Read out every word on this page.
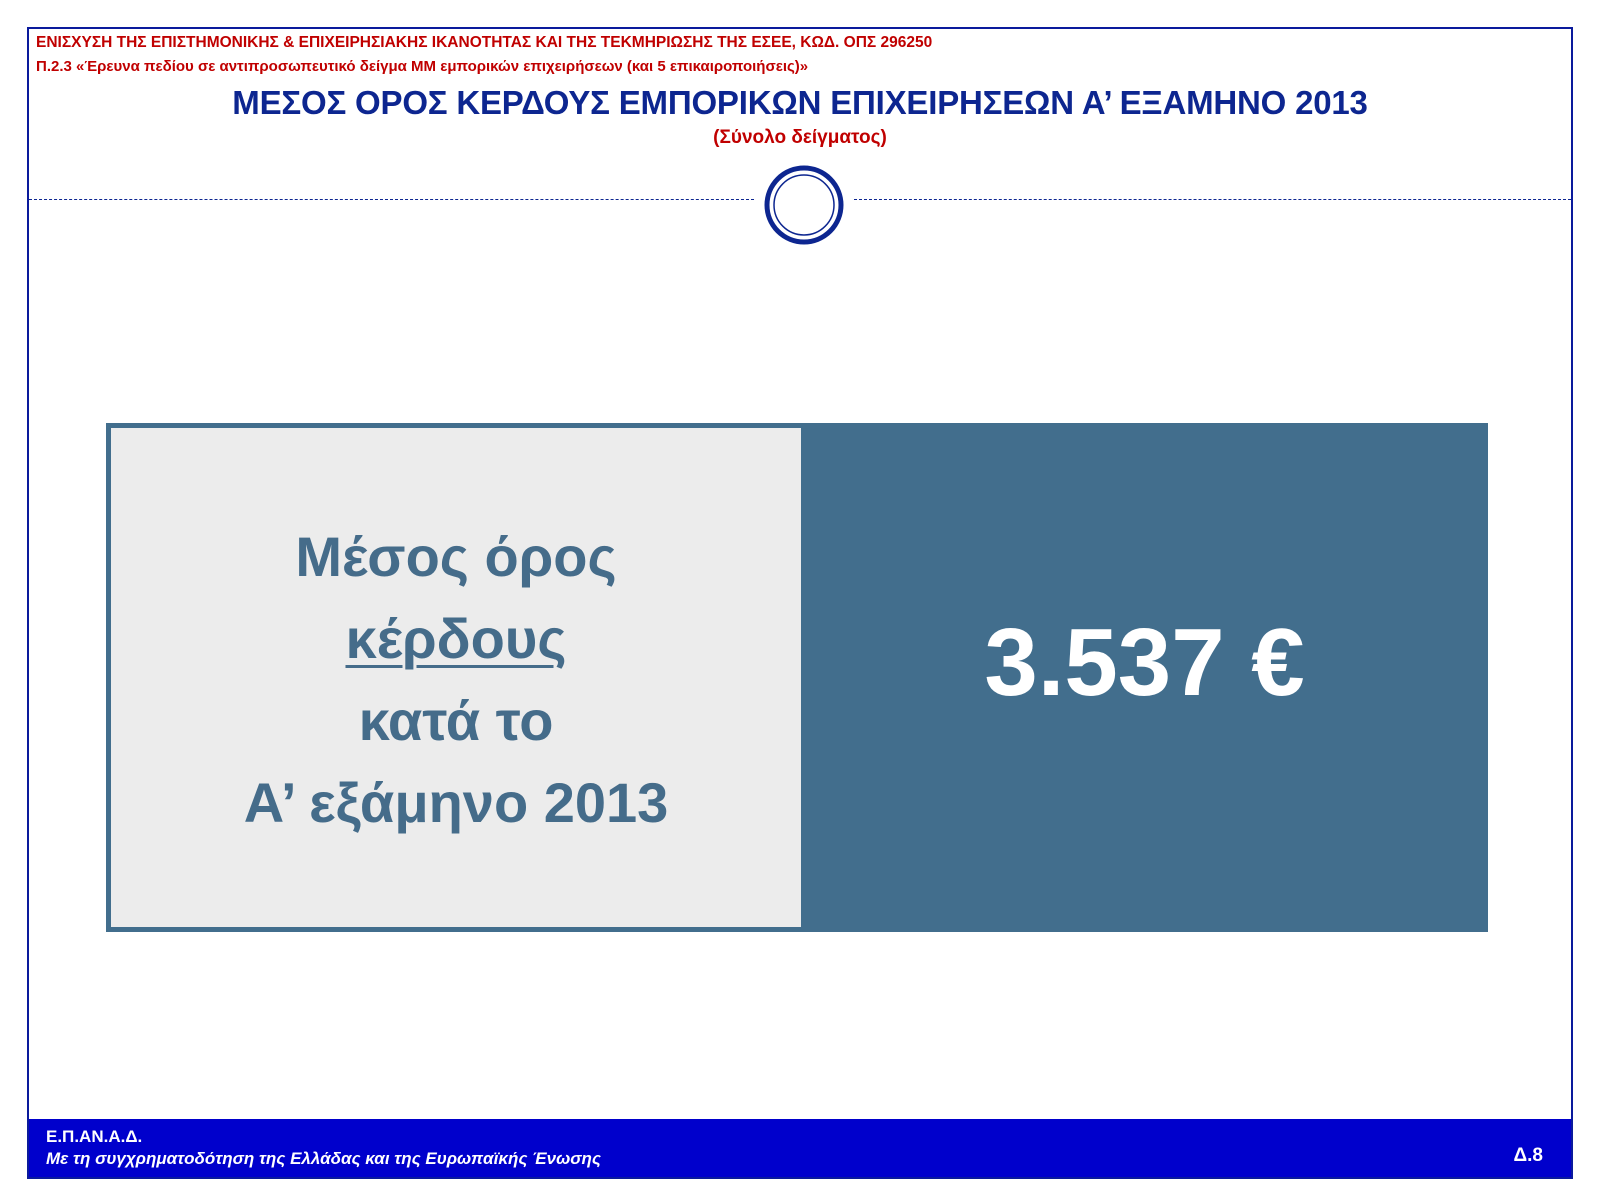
ΕΝΙΣΧΥΣΗ ΤΗΣ ΕΠΙΣΤΗΜΟΝΙΚΗΣ & ΕΠΙΧΕΙΡΗΣΙΑΚΗΣ ΙΚΑΝΟΤΗΤΑΣ ΚΑΙ ΤΗΣ ΤΕΚΜΗΡΙΩΣΗΣ ΤΗΣ ΕΣΕΕ, ΚΩΔ. ΟΠΣ 296250

Π.2.3 «Έρευνα πεδίου σε αντιπροσωπευτικό δείγμα ΜΜ εμπορικών επιχειρήσεων (και 5 επικαιροποιήσεις)»

ΜΕΣΟΣ ΟΡΟΣ ΚΕΡΔΟΥΣ ΕΜΠΟΡΙΚΩΝ ΕΠΙΧΕΙΡΗΣΕΩΝ Α’ ΕΞΑΜΗΝΟ 2013

(Σύνολο δείγματος)

Μέσος όρος

κέρδους

κατά το

Α’ εξάμηνο 2013

3.537 €

Ε.Π.ΑΝ.Α.Δ.

Με τη συγχρηματοδότηση της Ελλάδας και της Ευρωπαϊκής Ένωσης	Δ.8
